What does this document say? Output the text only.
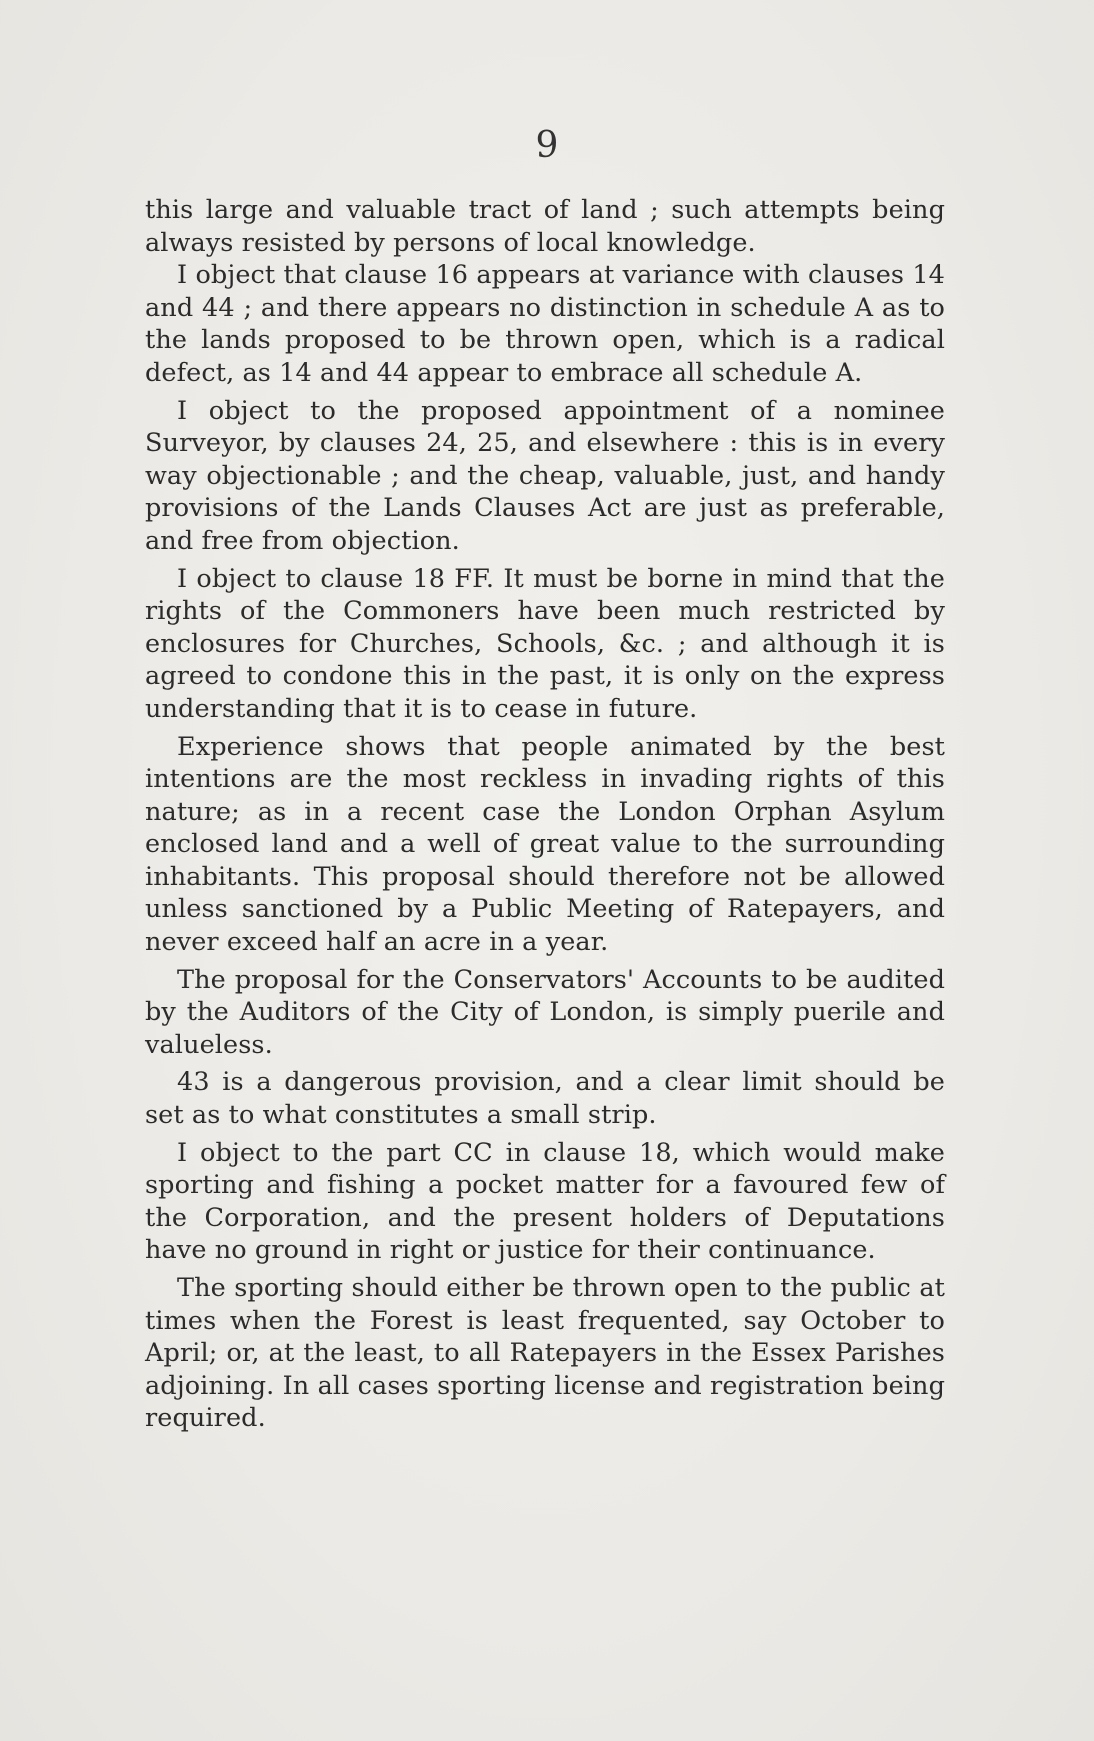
9

this large and valuable tract of land ; such attempts being always resisted by persons of local knowledge.

I object that clause 16 appears at variance with clauses 14 and 44 ; and there appears no distinction in schedule A as to the lands proposed to be thrown open, which is a radical defect, as 14 and 44 appear to embrace all schedule A.

I object to the proposed appointment of a nominee Surveyor, by clauses 24, 25, and elsewhere : this is in every way objectionable ; and the cheap, valuable, just, and handy provisions of the Lands Clauses Act are just as preferable, and free from objection.

I object to clause 18 FF. It must be borne in mind that the rights of the Commoners have been much restricted by enclosures for Churches, Schools, &c. ; and although it is agreed to condone this in the past, it is only on the express understanding that it is to cease in future.

Experience shows that people animated by the best intentions are the most reckless in invading rights of this nature; as in a recent case the London Orphan Asylum enclosed land and a well of great value to the surrounding inhabitants. This proposal should therefore not be allowed unless sanctioned by a Public Meeting of Ratepayers, and never exceed half an acre in a year.

The proposal for the Conservators' Accounts to be audited by the Auditors of the City of London, is simply puerile and valueless.

43 is a dangerous provision, and a clear limit should be set as to what constitutes a small strip.

I object to the part CC in clause 18, which would make sporting and fishing a pocket matter for a favoured few of the Corporation, and the present holders of Deputations have no ground in right or justice for their continuance.

The sporting should either be thrown open to the public at times when the Forest is least frequented, say October to April; or, at the least, to all Ratepayers in the Essex Parishes adjoining. In all cases sporting license and registration being required.
